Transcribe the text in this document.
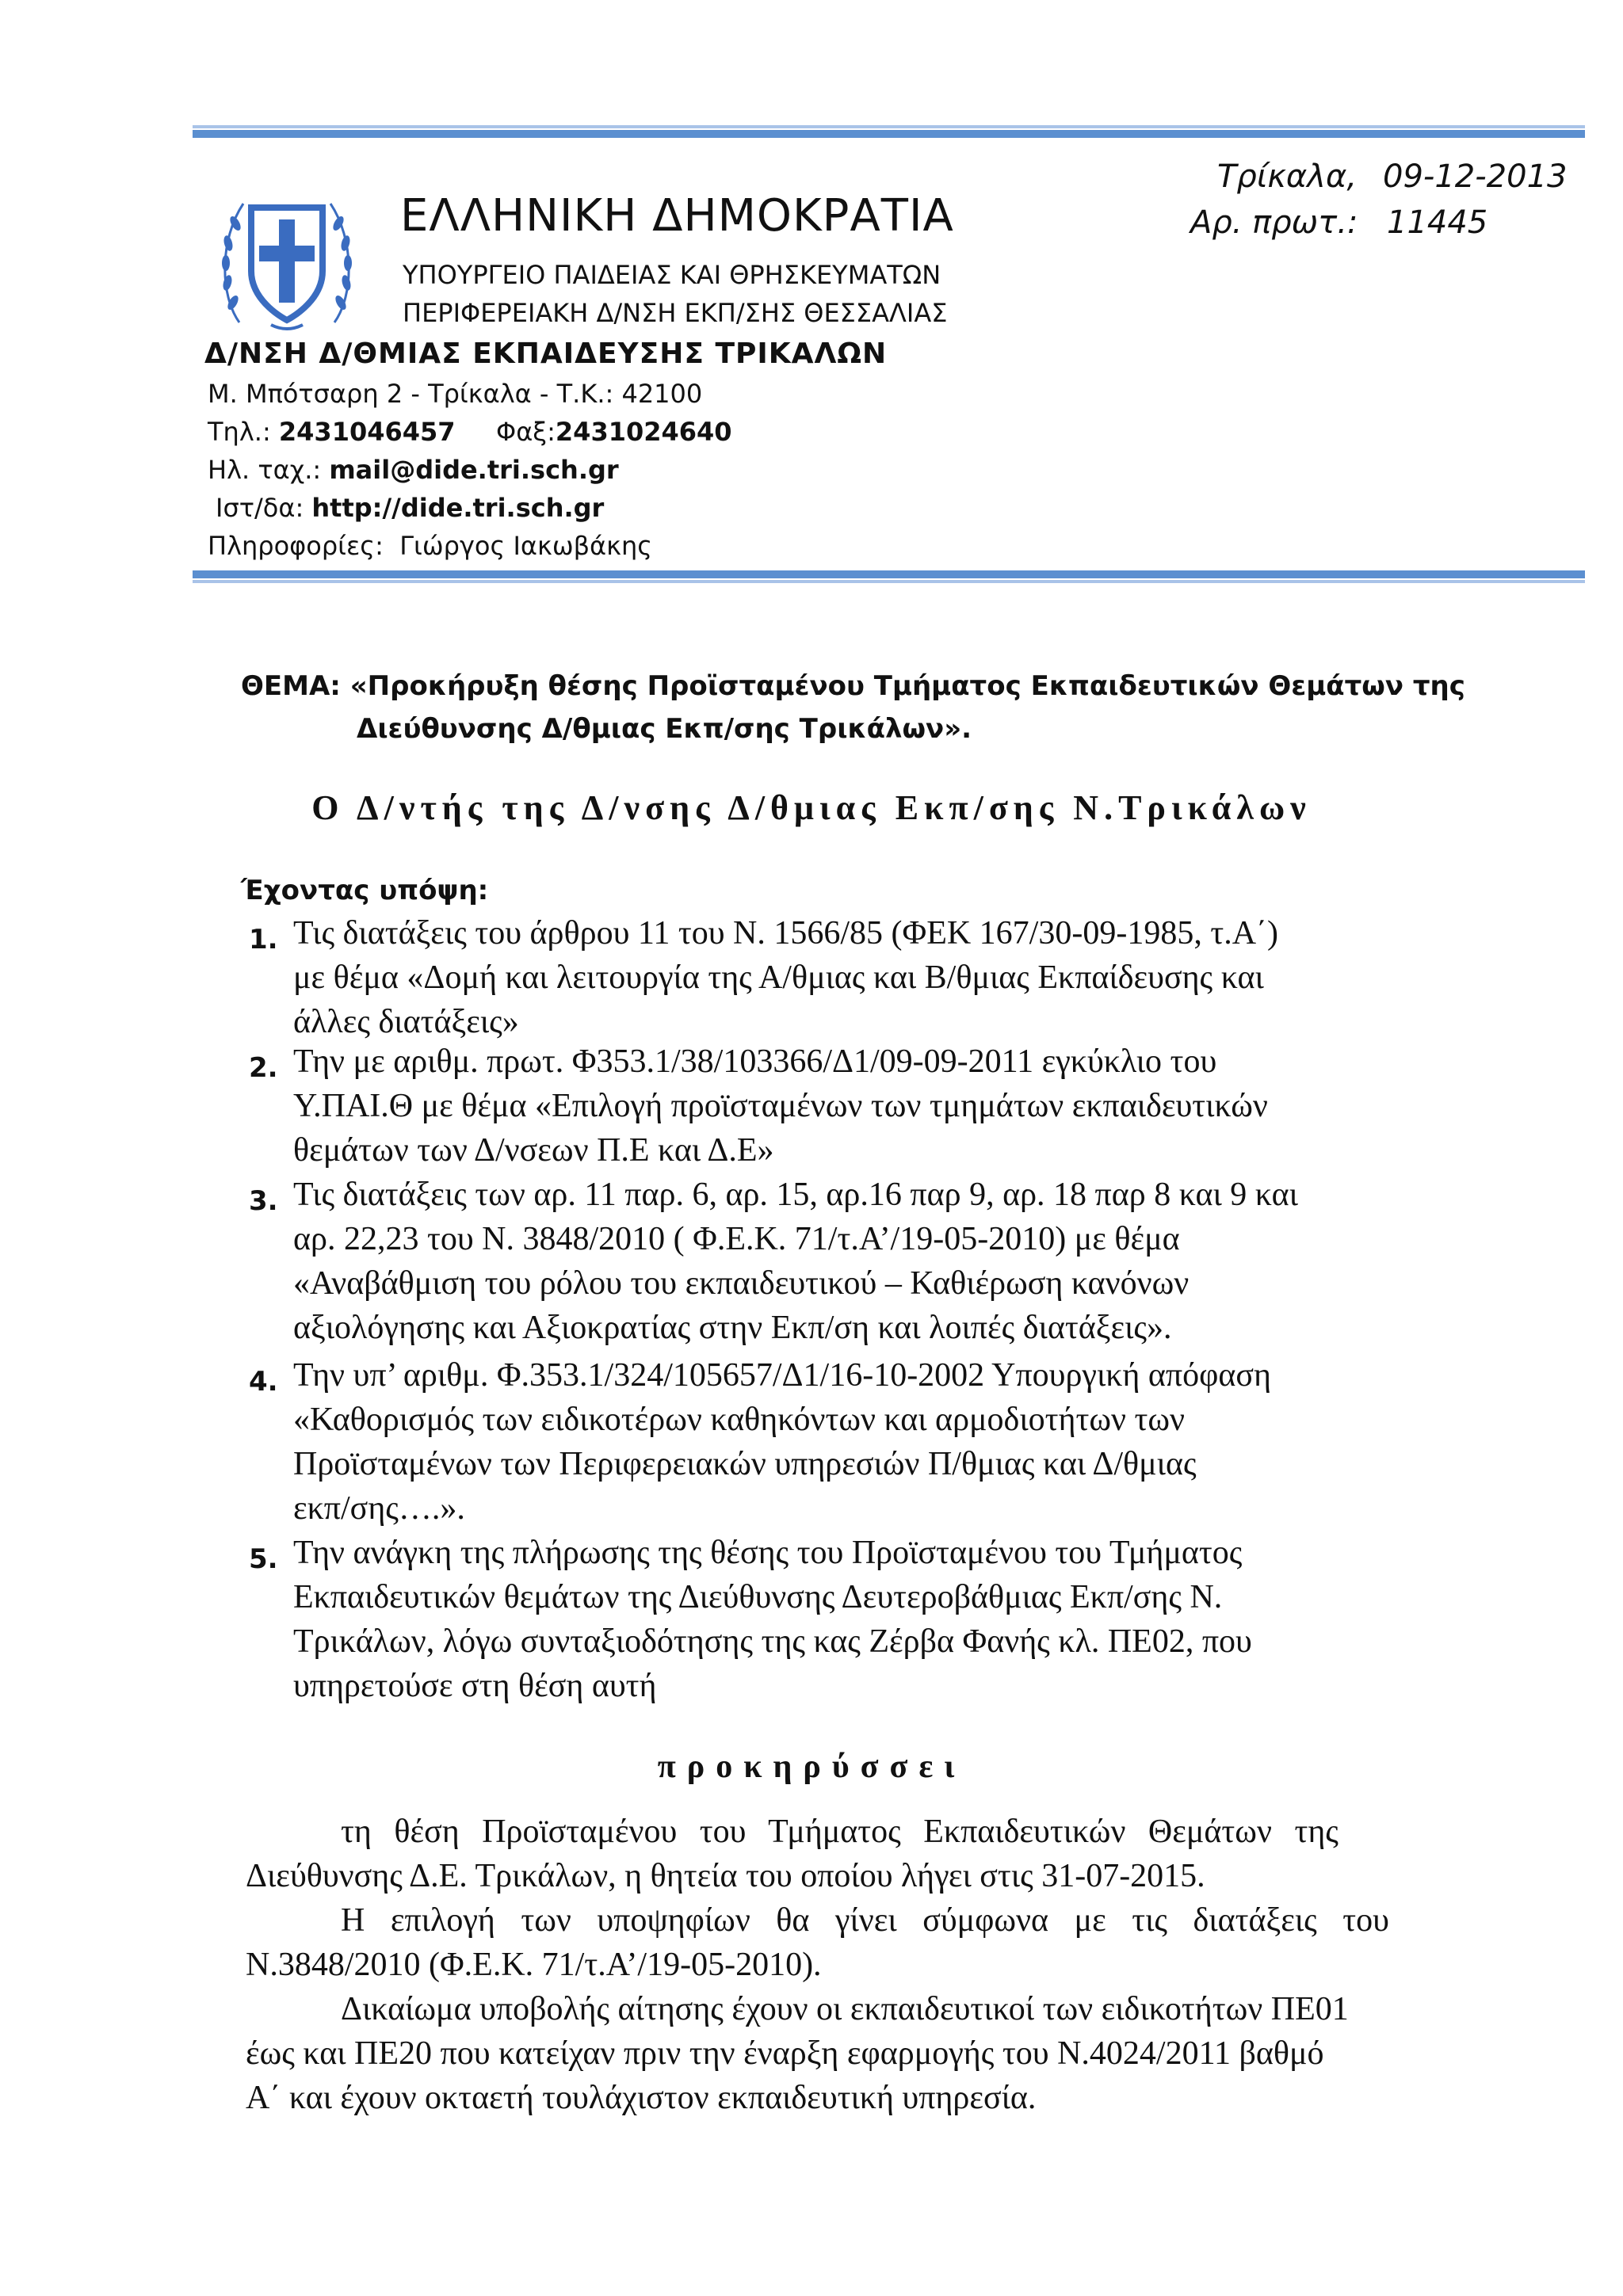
ΕΛΛΗΝΙΚΗ ΔΗΜΟΚΡΑΤΙΑ
ΥΠΟΥΡΓΕΙΟ ΠΑΙΔΕΙΑΣ ΚΑΙ ΘΡΗΣΚΕΥΜΑΤΩΝ
ΠΕΡΙΦΕΡΕΙΑΚΗ Δ/ΝΣΗ ΕΚΠ/ΣΗΣ ΘΕΣΣΑΛΙΑΣ
Δ/ΝΣΗ Δ/ΘΜΙΑΣ ΕΚΠΑΙΔΕΥΣΗΣ ΤΡΙΚΑΛΩΝ
Μ. Μπότσαρη 2 - Τρίκαλα - Τ.Κ.: 42100
Τηλ.: 2431046457 Φαξ:2431024640
Ηλ. ταχ.: mail@dide.tri.sch.gr
Ιστ/δα: http://dide.tri.sch.gr
Πληροφορίες: Γιώργος Ιακωβάκης
Τρίκαλα, 09-12-2013
Αρ. πρωτ.: 11445
ΘΕΜΑ: «Προκήρυξη θέσης Προϊσταμένου Τμήματος Εκπαιδευτικών Θεμάτων της
Διεύθυνσης Δ/θμιας Εκπ/σης Τρικάλων».
Ο Δ/ντής της Δ/νσης Δ/θμιας Εκπ/σης Ν.Τρικάλων
Έχοντας υπόψη:
1. Τις διατάξεις του άρθρου 11 του Ν. 1566/85 (ΦΕΚ 167/30-09-1985, τ.Α΄)

με θέμα «Δομή και λειτουργία της Α/θμιας και Β/θμιας Εκπαίδευσης και

άλλες διατάξεις»

2. Την με αριθμ. πρωτ. Φ353.1/38/103366/Δ1/09-09-2011 εγκύκλιο του

Υ.ΠΑΙ.Θ με θέμα «Επιλογή προϊσταμένων των τμημάτων εκπαιδευτικών

θεμάτων των Δ/νσεων Π.Ε και Δ.Ε»

3. Τις διατάξεις των αρ. 11 παρ. 6, αρ. 15, αρ.16 παρ 9, αρ. 18 παρ 8 και 9 και

αρ. 22,23 του Ν. 3848/2010 ( Φ.Ε.Κ. 71/τ.Α’/19-05-2010) με θέμα

«Αναβάθμιση του ρόλου του εκπαιδευτικού – Καθιέρωση κανόνων

αξιολόγησης και Αξιοκρατίας στην Εκπ/ση και λοιπές διατάξεις».

4. Την υπ’ αριθμ. Φ.353.1/324/105657/Δ1/16-10-2002 Υπουργική απόφαση

«Καθορισμός των ειδικοτέρων καθηκόντων και αρμοδιοτήτων των

Προϊσταμένων των Περιφερειακών υπηρεσιών Π/θμιας και Δ/θμιας

εκπ/σης….».

5. Την ανάγκη της πλήρωσης της θέσης του Προϊσταμένου του Τμήματος

Εκπαιδευτικών θεμάτων της Διεύθυνσης Δευτεροβάθμιας Εκπ/σης Ν.

Τρικάλων, λόγω συνταξιοδότησης της κας Ζέρβα Φανής κλ. ΠΕ02, που

υπηρετούσε στη θέση αυτή

προκηρύσσει
τη θέση Προϊσταμένου του Τμήματος Εκπαιδευτικών Θεμάτων της
Διεύθυνσης Δ.Ε. Τρικάλων, η θητεία του οποίου λήγει στις 31-07-2015.
Η επιλογή των υποψηφίων θα γίνει σύμφωνα με τις διατάξεις του
Ν.3848/2010 (Φ.Ε.Κ. 71/τ.Α’/19-05-2010).
Δικαίωμα υποβολής αίτησης έχουν οι εκπαιδευτικοί των ειδικοτήτων ΠΕ01
έως και ΠΕ20 που κατείχαν πριν την έναρξη εφαρμογής του Ν.4024/2011 βαθμό
Α΄ και έχουν οκταετή τουλάχιστον εκπαιδευτική υπηρεσία.
